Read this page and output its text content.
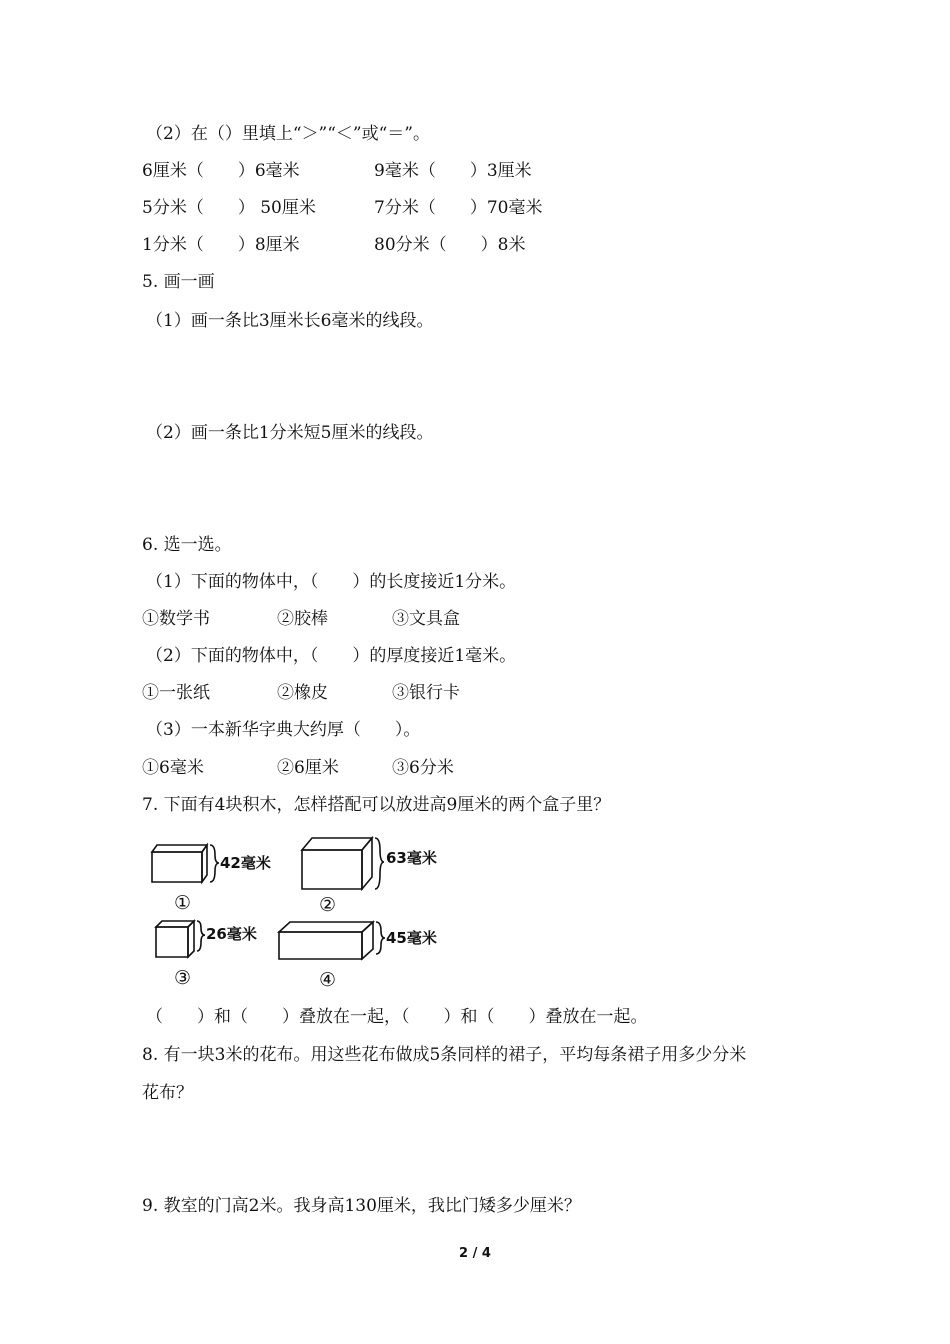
（2）在（）里填上“＞”“＜”或“＝”。
6厘米（　　）6毫米	9毫米（　　）3厘米
5分米（　　） 50厘米	7分米（　　）70毫米
1分米（　　）8厘米	80分米（　　）8米
5. 画一画
（1）画一条比3厘米长6毫米的线段。
（2）画一条比1分米短5厘米的线段。
6. 选一选。
（1）下面的物体中，（　　）的长度接近1分米。
①数学书	②胶棒	③文具盒
（2）下面的物体中，（　　）的厚度接近1毫米。
①一张纸	②橡皮	③银行卡
（3）一本新华字典大约厚（　　）。
①6毫米	②6厘米	③6分米
7. 下面有4块积木，怎样搭配可以放进高9厘米的两个盒子里？
42毫米	63毫米
26毫米	45毫米
①	②
③	④
（　　）和（　　）叠放在一起，（　　）和（　　）叠放在一起。
8. 有一块3米的花布。用这些花布做成5条同样的裙子，平均每条裙子用多少分米
花布？
9. 教室的门高2米。我身高130厘米，我比门矮多少厘米？
2 / 4
